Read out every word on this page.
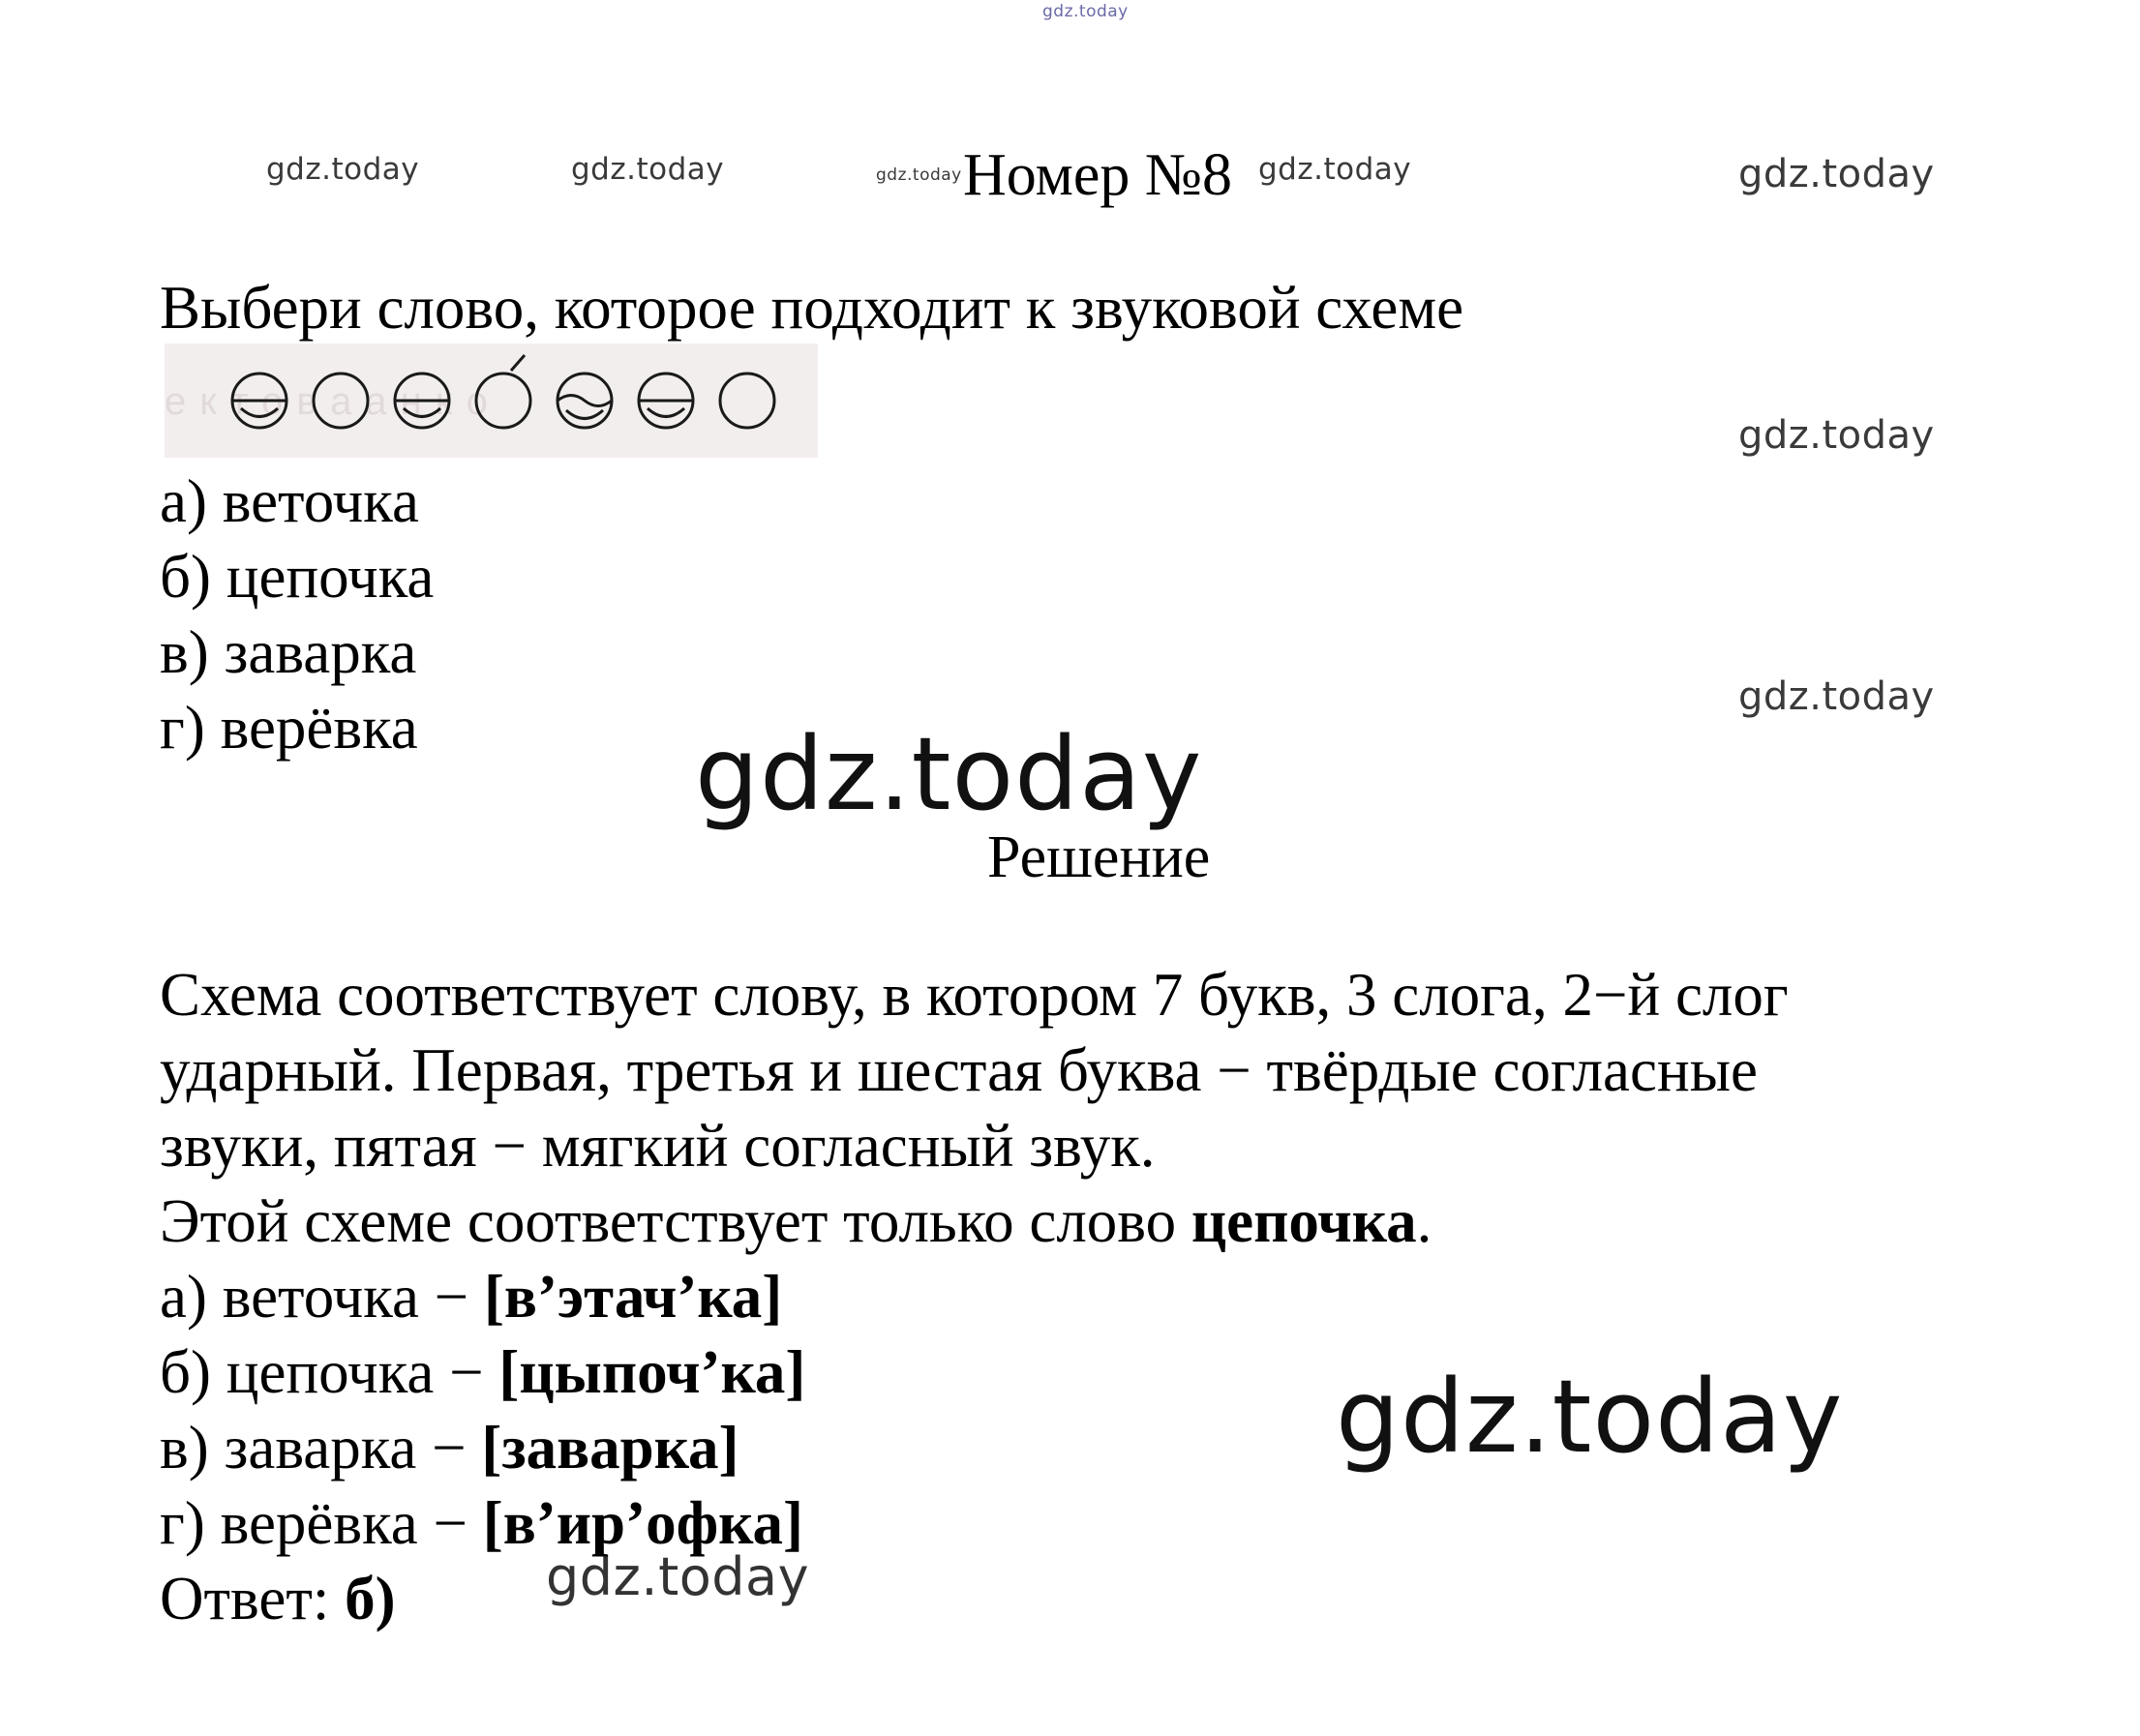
gdz.today
gdz.today	gdz.today	gdz.today	gdz.today	gdz.today
gdz.today
gdz.today
gdz.today
gdz.today
gdz.today
Номер №8
Выбери слово, которое подходит к звуковой схеме
ектоваанко
а) веточка
б) цепочка
в) заварка
г) верёвка
Решение
Схема соответствует слову, в котором 7 букв, 3 слога, 2−й слог
ударный. Первая, третья и шестая буква − твёрдые согласные
звуки, пятая − мягкий согласный звук.
Этой схеме соответствует только слово цепочка.
а) веточка − [в’этач’ка]
б) цепочка − [цыпоч’ка]
в) заварка − [заварка]
г) верёвка − [в’ир’офка]
Ответ: б)
